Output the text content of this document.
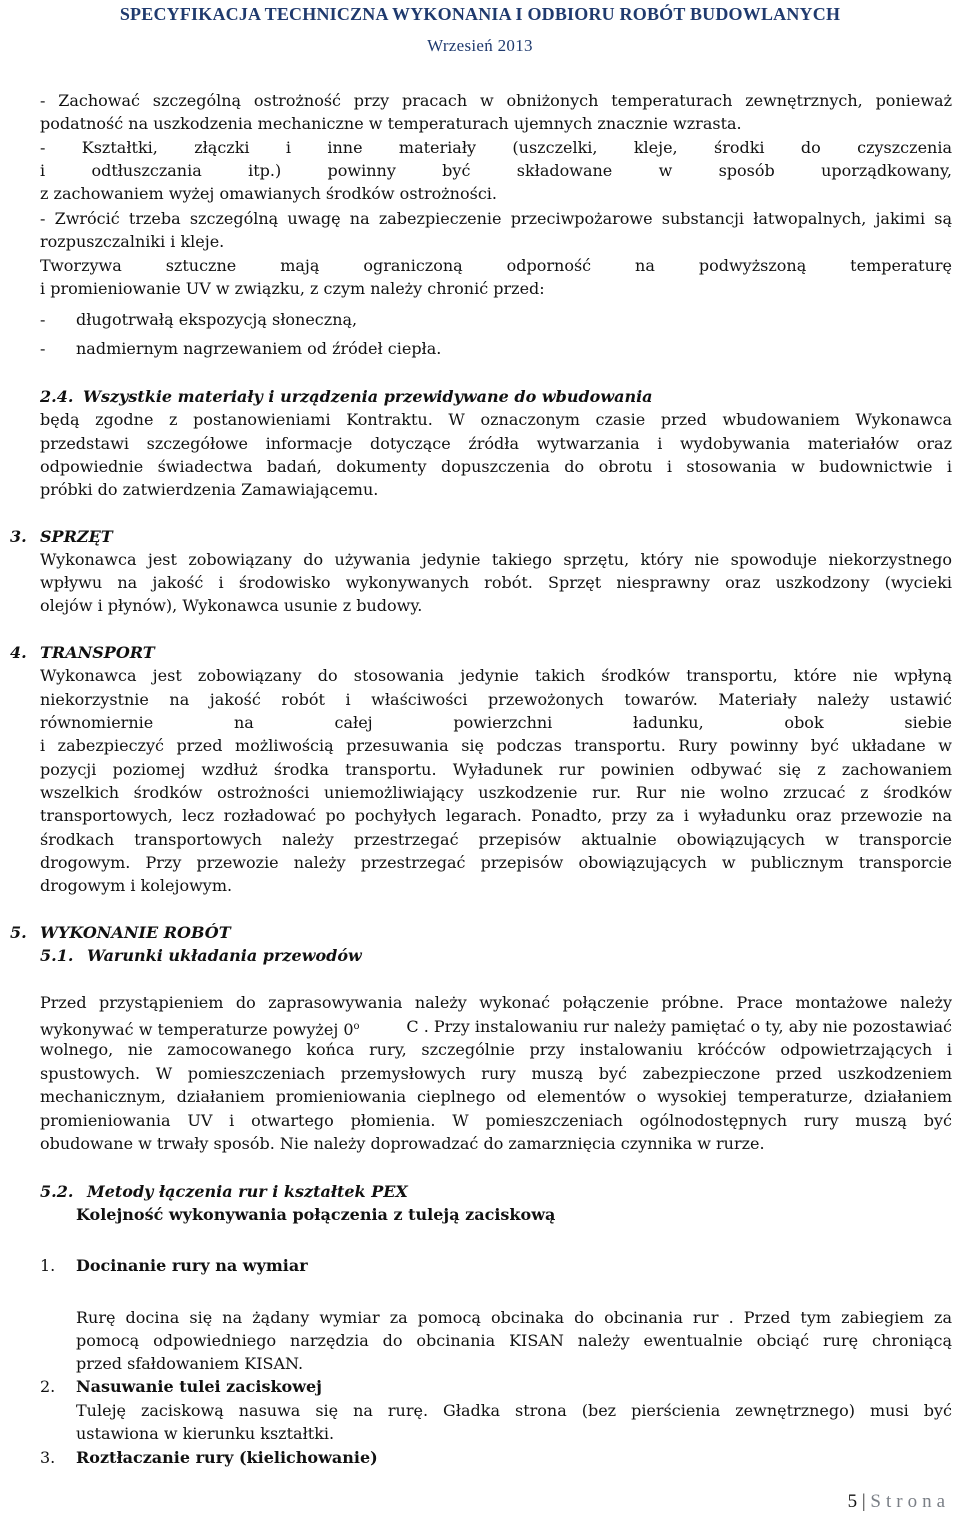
SPECYFIKACJA TECHNICZNA WYKONANIA I ODBIORU ROBÓT BUDOWLANYCH
Wrzesień 2013
- Zachować szczególną ostrożność przy pracach w obniżonych temperaturach zewnętrznych, ponieważ
podatność na uszkodzenia mechaniczne w temperaturach ujemnych znacznie wzrasta.
- Kształtki, złączki i inne materiały (uszczelki, kleje, środki do czyszczenia
i odtłuszczania itp.) powinny być składowane w sposób uporządkowany,
z zachowaniem wyżej omawianych środków ostrożności.
- Zwrócić trzeba szczególną uwagę na zabezpieczenie przeciwpożarowe substancji łatwopalnych, jakimi są
rozpuszczalniki i kleje.
Tworzywa sztuczne mają ograniczoną odporność na podwyższoną temperaturę
i promieniowanie UV w związku, z czym należy chronić przed:
- długotrwałą ekspozycją słoneczną,
- nadmiernym nagrzewaniem od źródeł ciepła.
2.4. Wszystkie materiały i urządzenia przewidywane do wbudowania
będą zgodne z postanowieniami Kontraktu. W oznaczonym czasie przed wbudowaniem Wykonawca
przedstawi szczegółowe informacje dotyczące źródła wytwarzania i wydobywania materiałów oraz
odpowiednie świadectwa badań, dokumenty dopuszczenia do obrotu i stosowania w budownictwie i
próbki do zatwierdzenia Zamawiającemu.
3. SPRZĘT
Wykonawca jest zobowiązany do używania jedynie takiego sprzętu, który nie spowoduje niekorzystnego
wpływu na jakość i środowisko wykonywanych robót. Sprzęt niesprawny oraz uszkodzony (wycieki
olejów i płynów), Wykonawca usunie z budowy.
4. TRANSPORT
Wykonawca jest zobowiązany do stosowania jedynie takich środków transportu, które nie wpłyną
niekorzystnie na jakość robót i właściwości przewożonych towarów. Materiały należy ustawić
równomiernie na całej powierzchni ładunku, obok siebie
i zabezpieczyć przed możliwością przesuwania się podczas transportu. Rury powinny być układane w
pozycji poziomej wzdłuż środka transportu. Wyładunek rur powinien odbywać się z zachowaniem
wszelkich środków ostrożności uniemożliwiający uszkodzenie rur. Rur nie wolno zrzucać z środków
transportowych, lecz rozładować po pochyłych legarach. Ponadto, przy za i wyładunku oraz przewozie na
środkach transportowych należy przestrzegać przepisów aktualnie obowiązujących w transporcie
drogowym. Przy przewozie należy przestrzegać przepisów obowiązujących w publicznym transporcie
drogowym i kolejowym.
5. WYKONANIE ROBÓT
5.1. Warunki układania przewodów
Przed przystąpieniem do zaprasowywania należy wykonać połączenie próbne. Prace montażowe należy
wykonywać w temperaturze powyżej 0$^o$	C . Przy instalowaniu rur należy pamiętać o ty, aby nie pozostawiać
wolnego, nie zamocowanego końca rury, szczególnie przy instalowaniu króćców odpowietrzających i
spustowych. W pomieszczeniach przemysłowych rury muszą być zabezpieczone przed uszkodzeniem
mechanicznym, działaniem promieniowania cieplnego od elementów o wysokiej temperaturze, działaniem
promieniowania UV i otwartego płomienia. W pomieszczeniach ogólnodostępnych rury muszą być
obudowane w trwały sposób. Nie należy doprowadzać do zamarznięcia czynnika w rurze.
5.2. Metody łączenia rur i kształtek PEX
Kolejność wykonywania połączenia z tuleją zaciskową
1. Docinanie rury na wymiar
Rurę docina się na żądany wymiar za pomocą obcinaka do obcinania rur . Przed tym zabiegiem za
pomocą odpowiedniego narzędzia do obcinania KISAN należy ewentualnie obciąć rurę chroniącą
przed sfałdowaniem KISAN.
2. Nasuwanie tulei zaciskowej
Tuleję zaciskową nasuwa się na rurę. Gładka strona (bez pierścienia zewnętrznego) musi być
ustawiona w kierunku kształtki.
3. Roztłaczanie rury (kielichowanie)
5 | Strona
